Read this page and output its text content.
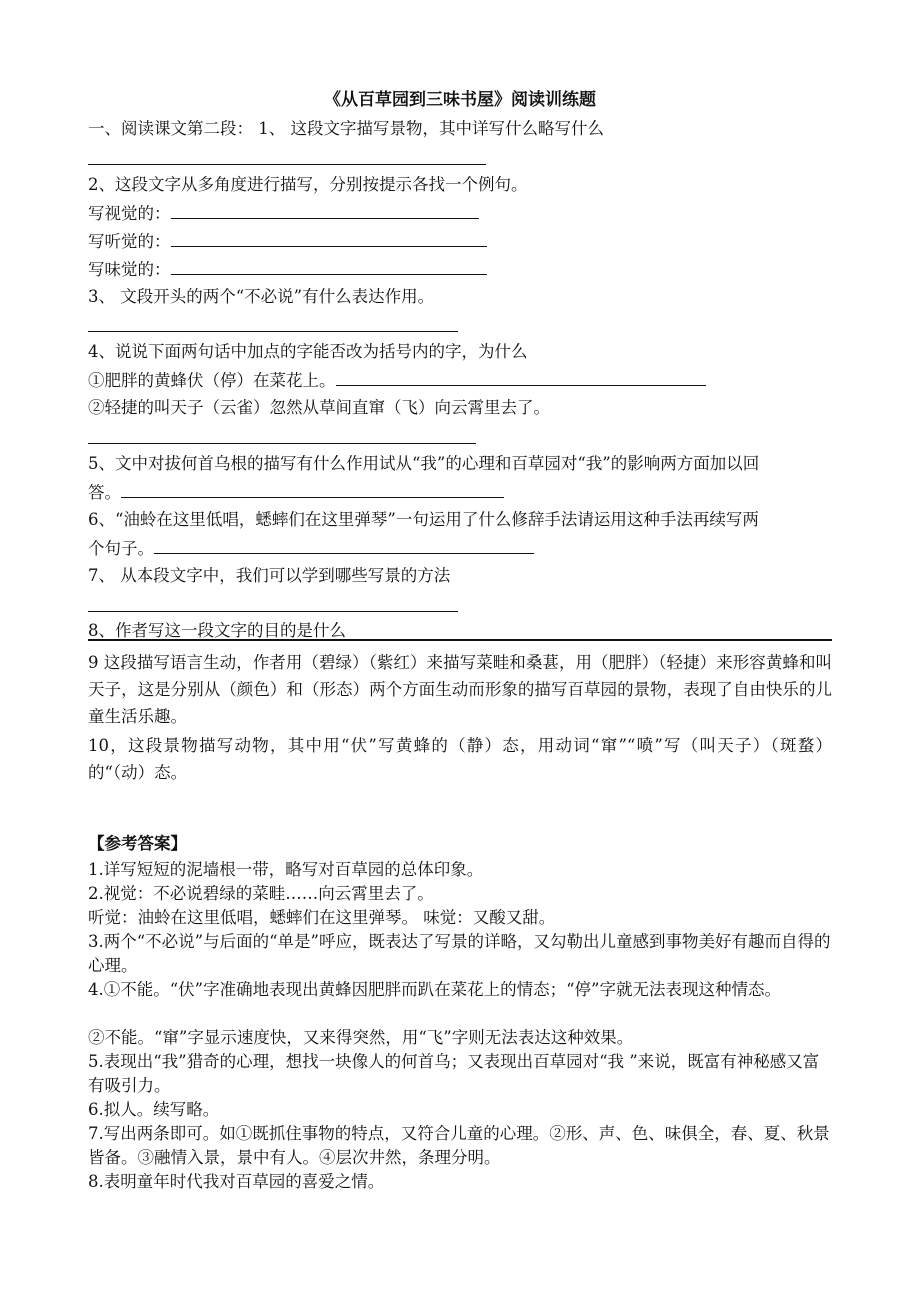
《从百草园到三味书屋》阅读训练题
一、阅读课文第二段： 1、 这段文字描写景物，其中详写什么略写什么
2、这段文字从多角度进行描写，分别按提示各找一个例句。
写视觉的：
写听觉的：
写味觉的：
3、 文段开头的两个“不必说”有什么表达作用。
4、说说下面两句话中加点的字能否改为括号内的字，为什么
①肥胖的黄蜂伏（停）在菜花上。
②轻捷的叫天子（云雀）忽然从草间直窜（飞）向云霄里去了。
5、文中对拔何首乌根的描写有什么作用试从“我”的心理和百草园对“我”的影响两方面加以回
答。
6、“油蛉在这里低唱，蟋蟀们在这里弹琴”一句运用了什么修辞手法请运用这种手法再续写两
个句子。
7、 从本段文字中，我们可以学到哪些写景的方法
8、作者写这一段文字的目的是什么
9 这段描写语言生动，作者用（碧绿）（紫红）来描写菜畦和桑葚，用（肥胖）（轻捷）来形容黄蜂和叫天子，这是分别从（颜色）和（形态）两个方面生动而形象的描写百草园的景物，表现了自由快乐的儿童生活乐趣。
10，这段景物描写动物，其中用“伏”写黄蜂的（静）态，用动词“窜”“喷”写（叫天子）（斑蝥）的“（动）态。
【参考答案】
1.详写短短的泥墙根一带，略写对百草园的总体印象。
2.视觉：不必说碧绿的菜畦……向云霄里去了。
听觉：油蛉在这里低唱，蟋蟀们在这里弹琴。 味觉：又酸又甜。
3.两个“不必说”与后面的“单是”呼应，既表达了写景的详略，又勾勒出儿童感到事物美好有趣而自得的心理。
4.①不能。“伏”字准确地表现出黄蜂因肥胖而趴在菜花上的情态；“停”字就无法表现这种情态。
②不能。“窜”字显示速度快，又来得突然，用“飞”字则无法表达这种效果。
5.表现出“我”猎奇的心理，想找一块像人的何首乌；又表现出百草园对“我 ”来说，既富有神秘感又富有吸引力。
6.拟人。续写略。
7.写出两条即可。如①既抓住事物的特点，又符合儿童的心理。②形、声、色、味俱全，春、夏、秋景皆备。③融情入景，景中有人。④层次井然，条理分明。
8.表明童年时代我对百草园的喜爱之情。
